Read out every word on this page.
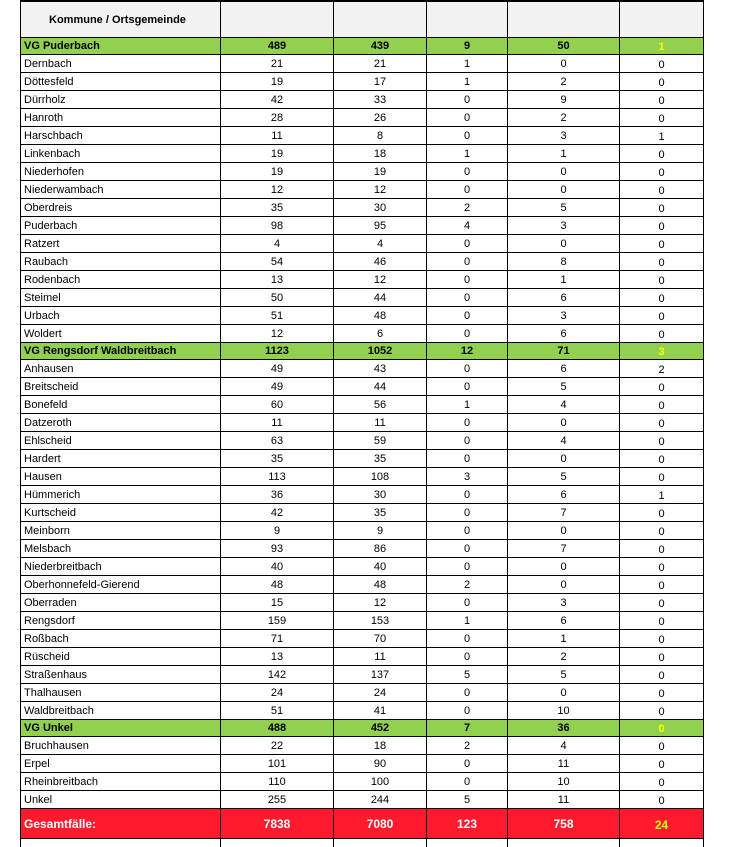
Kommune / Ortsgemeinde					
VG Puderbach	489	439	9	50	1
Dernbach	21	21	1	0	0
Döttesfeld	19	17	1	2	0
Dürrholz	42	33	0	9	0
Hanroth	28	26	0	2	0
Harschbach	11	8	0	3	1
Linkenbach	19	18	1	1	0
Niederhofen	19	19	0	0	0
Niederwambach	12	12	0	0	0
Oberdreis	35	30	2	5	0
Puderbach	98	95	4	3	0
Ratzert	4	4	0	0	0
Raubach	54	46	0	8	0
Rodenbach	13	12	0	1	0
Steimel	50	44	0	6	0
Urbach	51	48	0	3	0
Woldert	12	6	0	6	0
VG Rengsdorf Waldbreitbach	1123	1052	12	71	3
Anhausen	49	43	0	6	2
Breitscheid	49	44	0	5	0
Bonefeld	60	56	1	4	0
Datzeroth	11	11	0	0	0
Ehlscheid	63	59	0	4	0
Hardert	35	35	0	0	0
Hausen	113	108	3	5	0
Hümmerich	36	30	0	6	1
Kurtscheid	42	35	0	7	0
Meinborn	9	9	0	0	0
Melsbach	93	86	0	7	0
Niederbreitbach	40	40	0	0	0
Oberhonnefeld-Gierend	48	48	2	0	0
Oberraden	15	12	0	3	0
Rengsdorf	159	153	1	6	0
Roßbach	71	70	0	1	0
Rüscheid	13	11	0	2	0
Straßenhaus	142	137	5	5	0
Thalhausen	24	24	0	0	0
Waldbreitbach	51	41	0	10	0
VG Unkel	488	452	7	36	0
Bruchhausen	22	18	2	4	0
Erpel	101	90	0	11	0
Rheinbreitbach	110	100	0	10	0
Unkel	255	244	5	11	0
Gesamtfälle:	7838	7080	123	758	24
